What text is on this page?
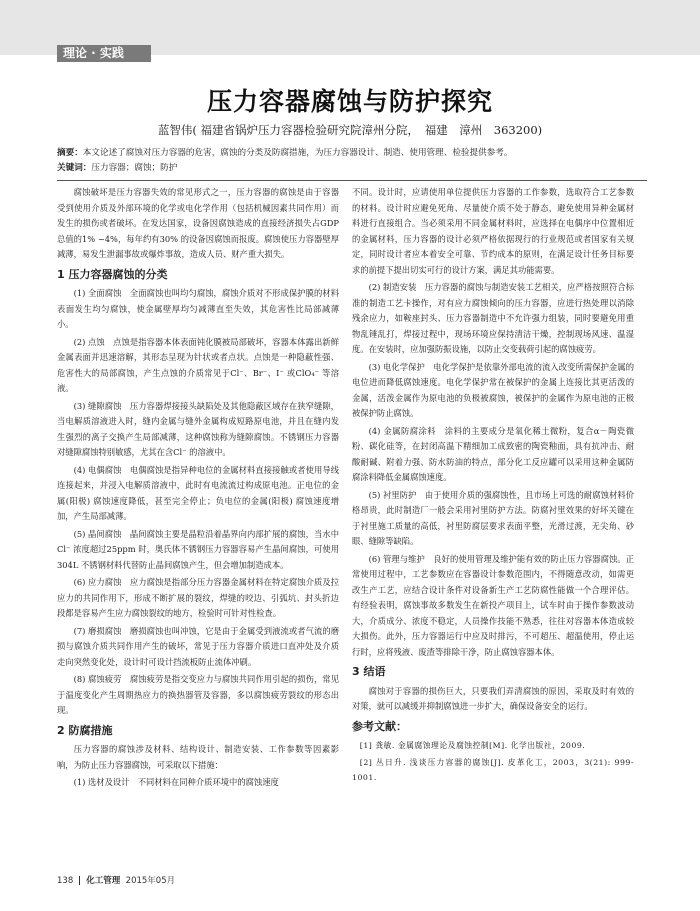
理论 · 实践
压力容器腐蚀与防护探究
蓝智伟( 福建省锅炉压力容器检验研究院漳州分院，　福建　漳州　363200)
摘要：本文论述了腐蚀对压力容器的危害，腐蚀的分类及防腐措施，为压力容器设计、制造、使用管理、检验提供参考。
关键词：压力容器；腐蚀；防护

腐蚀破坏是压力容器失效的常见形式之一，压力容器的腐蚀是由于容器受到使用介质及外部环境的化学或电化学作用（包括机械因素共同作用）而发生的损伤或者破坏。在发达国家，设备因腐蚀造成的直接经济损失占GDP 总值的1% ~4%，每年约有30% 的设备因腐蚀而报废。腐蚀使压力容器壁厚减薄，易发生泄漏事故或爆炸事故，造成人员、财产重大损失。

1 压力容器腐蚀的分类

(1) 全面腐蚀　全面腐蚀也叫均匀腐蚀，腐蚀介质对不形成保护膜的材料表面发生均匀腐蚀，使金属壁厚均匀减薄直至失效，其危害性比局部减薄小。

(2) 点蚀　点蚀是指容器本体表面钝化膜被局部破坏，容器本体露出新鲜金属表面并迅速溶解，其形态呈现为针状或者点状。点蚀是一种隐蔽性强、危害性大的局部腐蚀，产生点蚀的介质常见于Cl⁻、Br⁻、I⁻ 或ClO₄⁻ 等溶液。

(3) 缝隙腐蚀　压力容器焊接接头缺陷处及其他隐蔽区域存在狭窄缝隙，当电解质溶液进入时，缝内金属与缝外金属构成短路原电池，并且在缝内发生强烈的离子交换产生局部减薄，这种腐蚀称为缝隙腐蚀。不锈钢压力容器对缝隙腐蚀特别敏感，尤其在含Cl⁻ 的溶液中。

(4) 电偶腐蚀　电偶腐蚀是指异种电位的金属材料直接接触或者使用导线连接起来，并浸入电解质溶液中，此时有电流流过构成原电池。正电位的金属(阳极) 腐蚀速度降低，甚至完全停止；负电位的金属(阳极) 腐蚀速度增加，产生局部减薄。

(5) 晶间腐蚀　晶间腐蚀主要是晶粒沿着晶界向内部扩展的腐蚀，当水中Cl⁻ 浓度超过25ppm 时，奥氏体不锈钢压力容器容易产生晶间腐蚀，可使用304L 不锈钢材料代替防止晶间腐蚀产生，但会增加制造成本。

(6) 应力腐蚀　应力腐蚀是指部分压力容器金属材料在特定腐蚀介质及拉应力的共同作用下，形成不断扩展的裂纹，焊缝的咬边、引弧坑、封头折边段都是容易产生应力腐蚀裂纹的地方，检验时可针对性检查。

(7) 磨损腐蚀　磨损腐蚀也叫冲蚀，它是由于金属受到液流或者气流的磨损与腐蚀介质共同作用产生的破坏，常见于压力容器介质进口直冲处及介质走向突然变化处，设计时可设计挡流板防止流体冲刷。

(8) 腐蚀疲劳　腐蚀疲劳是指交变应力与腐蚀共同作用引起的损伤，常见于温度变化产生周期热应力的换热器管及容器，多以腐蚀疲劳裂纹的形态出现。

2 防腐措施

压力容器的腐蚀涉及材料、结构设计、制造安装、工作参数等因素影响，为防止压力容器腐蚀，可采取以下措施：

(1) 选材及设计　不同材料在同种介质环境中的腐蚀速度

不同。设计时，应请使用单位提供压力容器的工作参数，选取符合工艺参数的材料。设计时应避免死角、尽量使介质不处于静态，避免使用异种金属材料进行直接组合。当必须采用不同金属材料时，应选择在电偶序中位置相近的金属材料，压力容器的设计必须严格依据现行的行业规范或者国家有关规定，同时设计者应本着安全可靠、节约成本的原则，在满足设计任务目标要求的前提下提出切实可行的设计方案，满足其功能需要。

(2) 制造安装　压力容器的腐蚀与制造安装工艺相关，应严格按照符合标准的制造工艺卡操作，对有应力腐蚀倾向的压力容器，应进行热处理以消除残余应力，如鞍座封头、压力容器制造中不允许强力组装，同时要避免用重物乱锤乱打，焊接过程中，现场环境应保持清洁干燥，控制现场风速、温湿度。在安装时，应加强防振设施，以防止交变载荷引起的腐蚀疲劳。

(3) 电化学保护　电化学保护是依靠外部电流的流入改变所需保护金属的电位进而降低腐蚀速度。电化学保护常在被保护的金属上连接比其更活泼的金属，活泼金属作为原电池的负极被腐蚀，被保护的金属作为原电池的正极被保护防止腐蚀。

(4) 金属防腐涂料　涂料的主要成分是氧化稀土微粉，复合α－陶瓷微粉、碳化硅等，在封闭高温下精细加工成致密的陶瓷釉面，具有抗冲击、耐酸耐碱、附着力强、防水防油的特点，部分化工反应罐可以采用这种金属防腐涂料降低金属腐蚀速度。

(5) 衬里防护　由于使用介质的强腐蚀性，且市场上可选的耐腐蚀材料价格昂贵，此时制造厂一般会采用衬里防护方法。防腐衬里效果的好坏关键在于衬里施工质量的高低，衬里防腐层要求表面平整，光滑过渡，无尖角、砂眼、缝隙等缺陷。

(6) 管理与维护　良好的使用管理及维护能有效的防止压力容器腐蚀。正常使用过程中，工艺参数应在容器设计参数范围内，不得随意改动，如需更改生产工艺，应结合设计条件对设备新生产工艺防腐性能做一个合理评估。有经验表明，腐蚀事故多数发生在新投产项目上，试车时由于操作参数波动大，介质成分、浓度不稳定，人员操作技能不熟悉，往往对容器本体造成较大损伤。此外，压力容器运行中应及时排污，不可超压、超温使用，停止运行时，应将残液、废渣等排除干净，防止腐蚀容器本体。

3 结语

腐蚀对于容器的损伤巨大，只要我们弄清腐蚀的原因，采取及时有效的对策，就可以减缓并抑制腐蚀进一步扩大，确保设备安全的运行。

参考文献：

[1] 龚敏. 金属腐蚀理论及腐蚀控制[M]. 化学出版社，2009.

[2] 丛日升. 浅谈压力容器的腐蚀[J]. 皮革化工，2003，3(21): 999-1001.

138 化工管理 2015年05月
